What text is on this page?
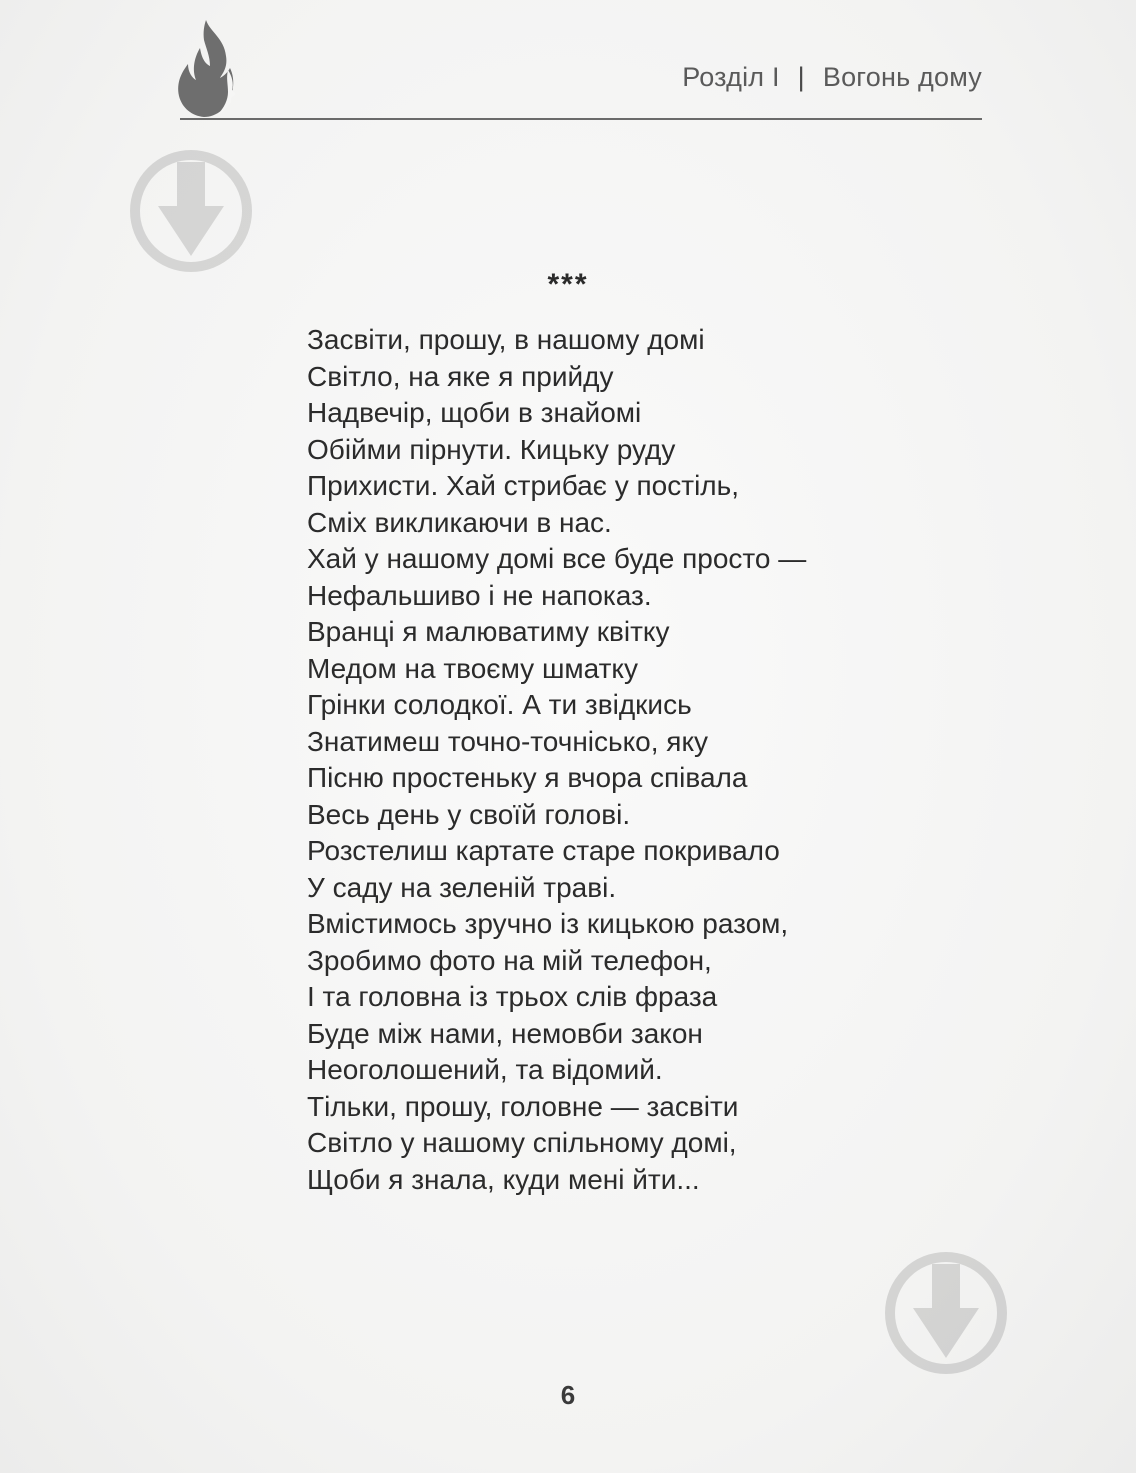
Розділ І | Вогонь дому
***
Засвіти, прошу, в нашому домі
Світло, на яке я прийду
Надвечір, щоби в знайомі
Обійми пірнути. Кицьку руду
Прихисти. Хай стрибає у постіль,
Сміх викликаючи в нас.
Хай у нашому домі все буде просто —
Нефальшиво і не напоказ.
Вранці я малюватиму квітку
Медом на твоєму шматку
Грінки солодкої. А ти звідкись
Знатимеш точно-точнісько, яку
Пісню простеньку я вчора співала
Весь день у своїй голові.
Розстелиш картате старе покривало
У саду на зеленій траві.
Вмістимось зручно із кицькою разом,
Зробимо фото на мій телефон,
І та головна із трьох слів фраза
Буде між нами, немовби закон
Неоголошений, та відомий.
Тільки, прошу, головне — засвіти
Світло у нашому спільному домі,
Щоби я знала, куди мені йти...
6
